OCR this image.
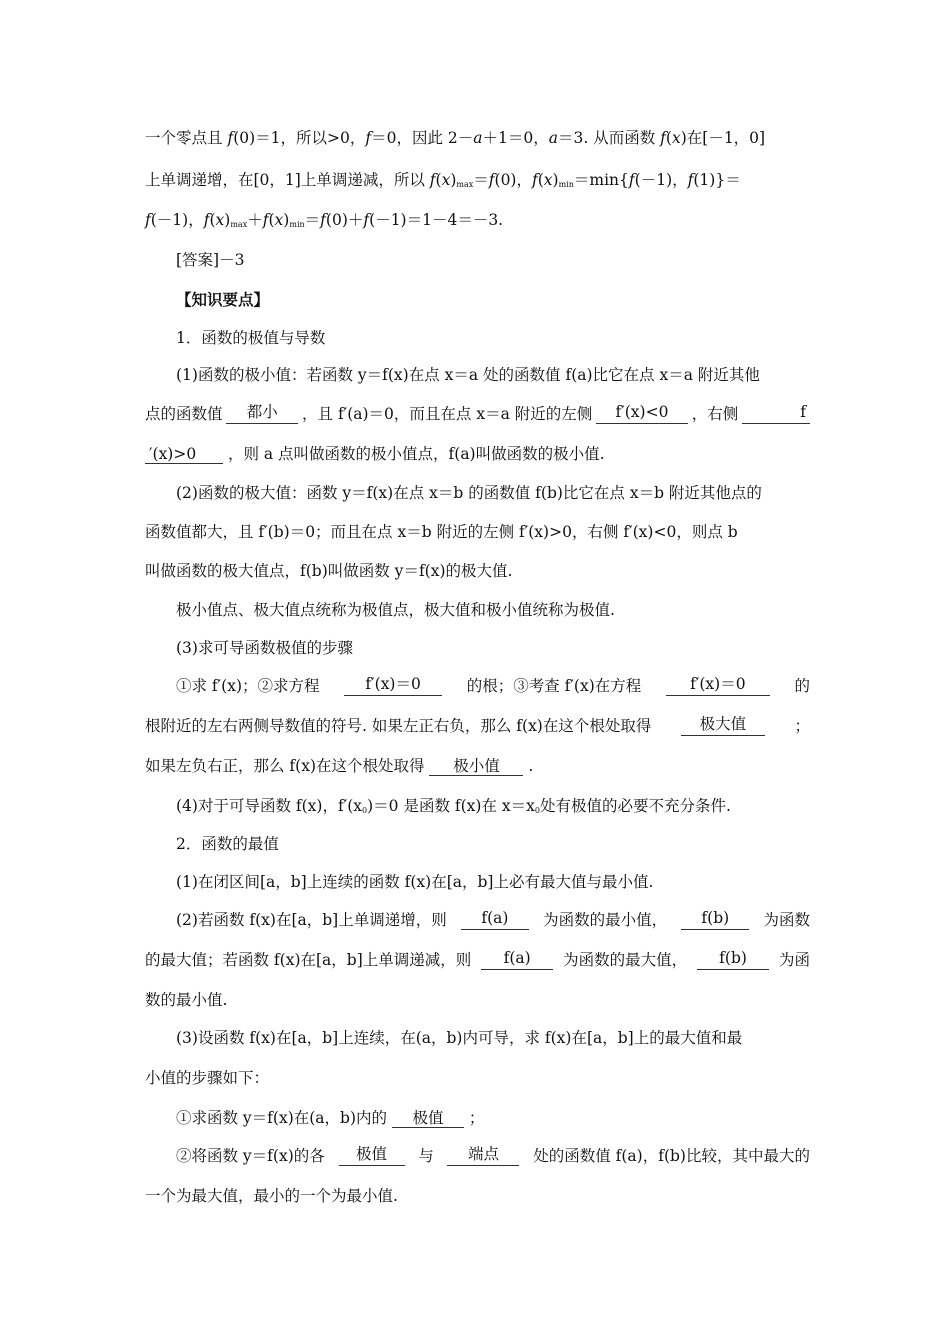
一个零点且 f(0)＝1，所以>0，f＝0，因此 2－a＋1＝0，a＝3. 从而函数 f(x)在[－1，0]
上单调递增，在[0，1]上单调递减，所以 $f(x)_{max}=f(0)$，$f(x)_{min}=\min\{f(-1)$，f(1)}＝
f(－1)，$f(x)_{max}+f(x)_{min}=f(0)+f(-1)=1-4=-3$.
[答案]－3
【知识要点】
1．函数的极值与导数
(1)函数的极小值：若函数 y＝f(x)在点 x＝a 处的函数值 f(a)比它在点 x＝a 附近其他
点的函数值	都小	，且 f′(a)＝0，而且在点 x＝a 附近的左侧	f′(x)<0	，右侧	f
′(x)>0 ，则 a 点叫做函数的极小值点，f(a)叫做函数的极小值.
(2)函数的极大值：函数 y＝f(x)在点 x＝b 的函数值 f(b)比它在点 x＝b 附近其他点的
函数值都大，且 f′(b)＝0；而且在点 x＝b 附近的左侧 f′(x)>0，右侧 f′(x)<0，则点 b
叫做函数的极大值点，f(b)叫做函数 y＝f(x)的极大值.
极小值点、极大值点统称为极值点，极大值和极小值统称为极值.
(3)求可导函数极值的步骤
①求 f′(x)；②求方程	f′(x)＝0	的根；③考查 f′(x)在方程	f′(x)＝0	的
根附近的左右两侧导数值的符号. 如果左正右负，那么 f(x)在这个根处取得	极大值	；
如果左负右正，那么 f(x)在这个根处取得 极小值 .
(4)对于可导函数 f(x)，$f'(x_0)=0$ 是函数 f(x)在 $x=x_0$处有极值的必要不充分条件.
2．函数的最值
(1)在闭区间[a，b]上连续的函数 f(x)在[a，b]上必有最大值与最小值.
(2)若函数 f(x)在[a，b]上单调递增，则	f(a)	为函数的最小值，	f(b)	为函数
的最大值；若函数 f(x)在[a，b]上单调递减，则	f(a)	为函数的最大值，	f(b)	为函
数的最小值.
(3)设函数 f(x)在[a，b]上连续，在(a，b)内可导，求 f(x)在[a，b]上的最大值和最
小值的步骤如下：
①求函数 y＝f(x)在(a，b)内的 极值 ；
②将函数 y＝f(x)的各	极值	与	端点	处的函数值 f(a)，f(b)比较，其中最大的
一个为最大值，最小的一个为最小值.
